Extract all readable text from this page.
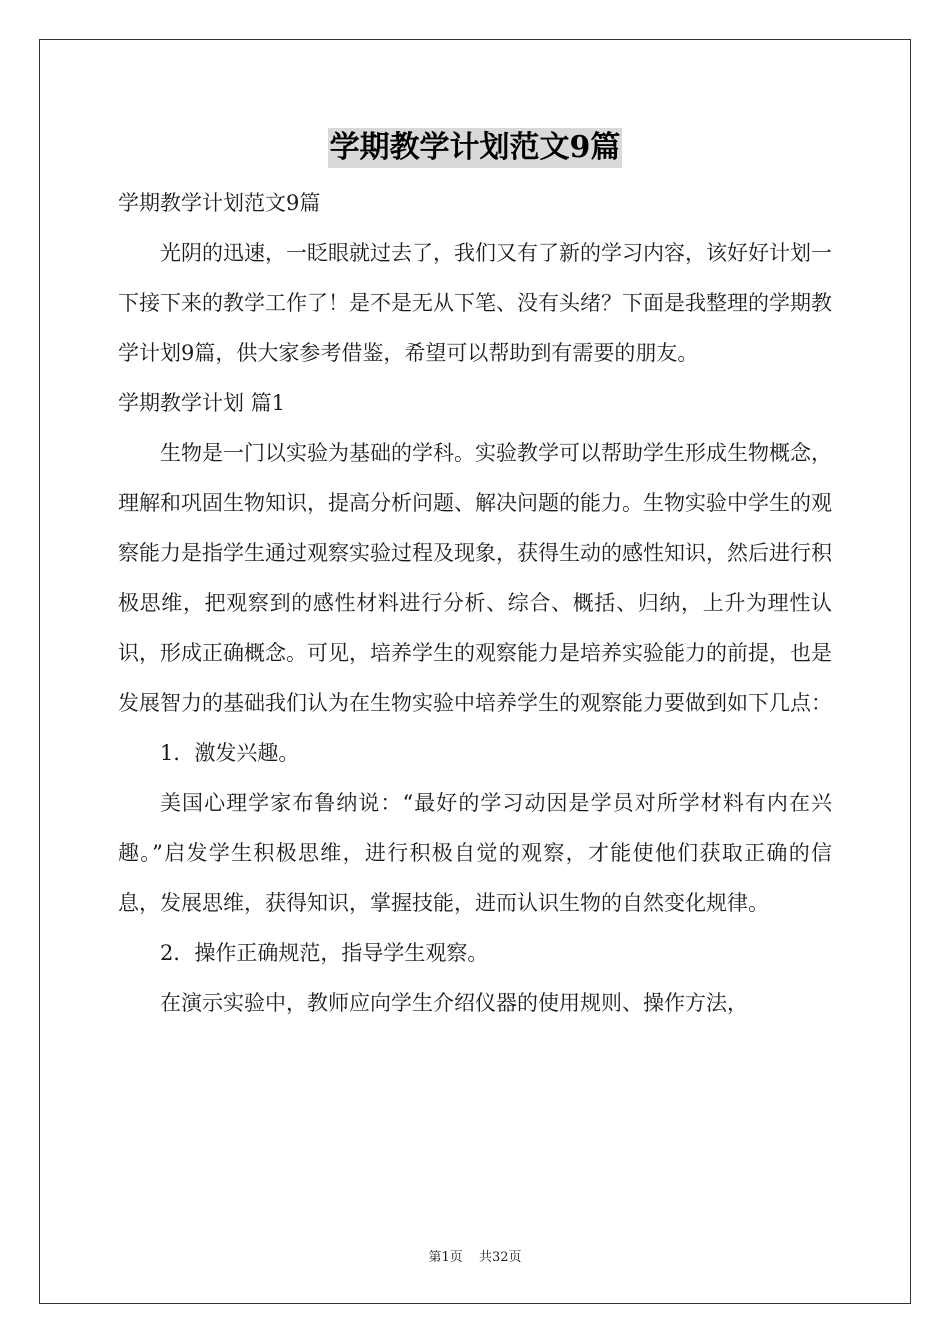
学期教学计划范文9篇

学期教学计划范文9篇

光阴的迅速，一眨眼就过去了，我们又有了新的学习内容，该好好计划一下接下来的教学工作了！是不是无从下笔、没有头绪？下面是我整理的学期教学计划9篇，供大家参考借鉴，希望可以帮助到有需要的朋友。

学期教学计划 篇1

生物是一门以实验为基础的学科。实验教学可以帮助学生形成生物概念，理解和巩固生物知识，提高分析问题、解决问题的能力。生物实验中学生的观察能力是指学生通过观察实验过程及现象，获得生动的感性知识，然后进行积极思维，把观察到的感性材料进行分析、综合、概括、归纳，上升为理性认识，形成正确概念。可见，培养学生的观察能力是培养实验能力的前提，也是发展智力的基础我们认为在生物实验中培养学生的观察能力要做到如下几点：

1．激发兴趣。

美国心理学家布鲁纳说：“最好的学习动因是学员对所学材料有内在兴趣。”启发学生积极思维，进行积极自觉的观察，才能使他们获取正确的信息，发展思维，获得知识，掌握技能，进而认识生物的自然变化规律。

2．操作正确规范，指导学生观察。

在演示实验中，教师应向学生介绍仪器的使用规则、操作方法，

第1页 共32页
